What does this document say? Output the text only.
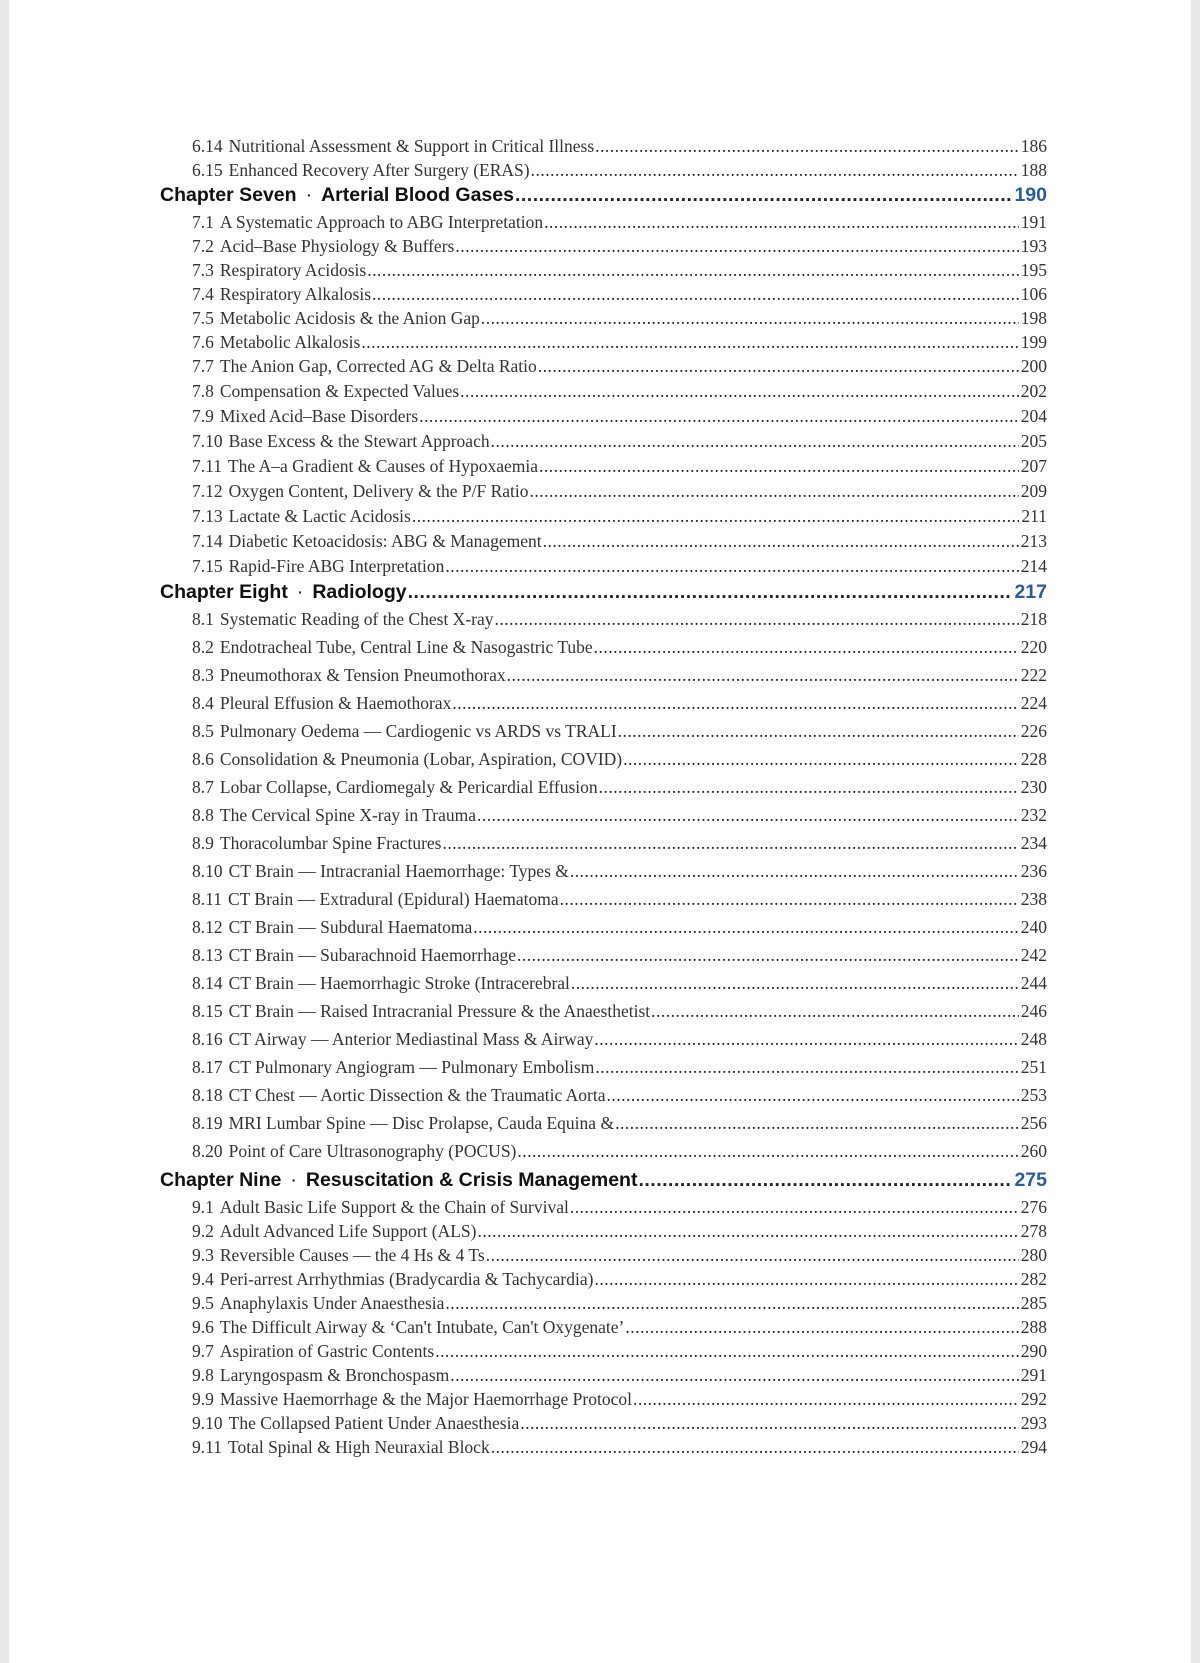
6.14 Nutritional Assessment & Support in Critical Illness .....	186
6.15 Enhanced Recovery After Surgery (ERAS) .....	188
Chapter Seven · Arterial Blood Gases .....	190
7.1 A Systematic Approach to ABG Interpretation .....	191
7.2 Acid–Base Physiology & Buffers .....	193
7.3 Respiratory Acidosis .....	195
7.4 Respiratory Alkalosis .....	106
7.5 Metabolic Acidosis & the Anion Gap .....	198
7.6 Metabolic Alkalosis .....	199
7.7 The Anion Gap, Corrected AG & Delta Ratio .....	200
7.8 Compensation & Expected Values .....	202
7.9 Mixed Acid–Base Disorders .....	204
7.10 Base Excess & the Stewart Approach .....	205
7.11 The A–a Gradient & Causes of Hypoxaemia .....	207
7.12 Oxygen Content, Delivery & the P/F Ratio .....	209
7.13 Lactate & Lactic Acidosis .....	211
7.14 Diabetic Ketoacidosis: ABG & Management .....	213
7.15 Rapid-Fire ABG Interpretation .....	214
Chapter Eight · Radiology .....	217
8.1 Systematic Reading of the Chest X-ray .....	218
8.2 Endotracheal Tube, Central Line & Nasogastric Tube .....	220
8.3 Pneumothorax & Tension Pneumothorax .....	222
8.4 Pleural Effusion & Haemothorax .....	224
8.5 Pulmonary Oedema — Cardiogenic vs ARDS vs TRALI .....	226
8.6 Consolidation & Pneumonia (Lobar, Aspiration, COVID) .....	228
8.7 Lobar Collapse, Cardiomegaly & Pericardial Effusion .....	230
8.8 The Cervical Spine X-ray in Trauma .....	232
8.9 Thoracolumbar Spine Fractures .....	234
8.10 CT Brain — Intracranial Haemorrhage: Types & .....	236
8.11 CT Brain — Extradural (Epidural) Haematoma .....	238
8.12 CT Brain — Subdural Haematoma .....	240
8.13 CT Brain — Subarachnoid Haemorrhage .....	242
8.14 CT Brain — Haemorrhagic Stroke (Intracerebral .....	244
8.15 CT Brain — Raised Intracranial Pressure & the Anaesthetist .....	246
8.16 CT Airway — Anterior Mediastinal Mass & Airway .....	248
8.17 CT Pulmonary Angiogram — Pulmonary Embolism .....	251
8.18 CT Chest — Aortic Dissection & the Traumatic Aorta .....	253
8.19 MRI Lumbar Spine — Disc Prolapse, Cauda Equina & .....	256
8.20 Point of Care Ultrasonography (POCUS) .....	260
Chapter Nine · Resuscitation & Crisis Management .....	275
9.1 Adult Basic Life Support & the Chain of Survival .....	276
9.2 Adult Advanced Life Support (ALS) .....	278
9.3 Reversible Causes — the 4 Hs & 4 Ts .....	280
9.4 Peri-arrest Arrhythmias (Bradycardia & Tachycardia) .....	282
9.5 Anaphylaxis Under Anaesthesia .....	285
9.6 The Difficult Airway & ‘Can't Intubate, Can't Oxygenate’ .....	288
9.7 Aspiration of Gastric Contents .....	290
9.8 Laryngospasm & Bronchospasm .....	291
9.9 Massive Haemorrhage & the Major Haemorrhage Protocol .....	292
9.10 The Collapsed Patient Under Anaesthesia .....	293
9.11 Total Spinal & High Neuraxial Block .....	294
